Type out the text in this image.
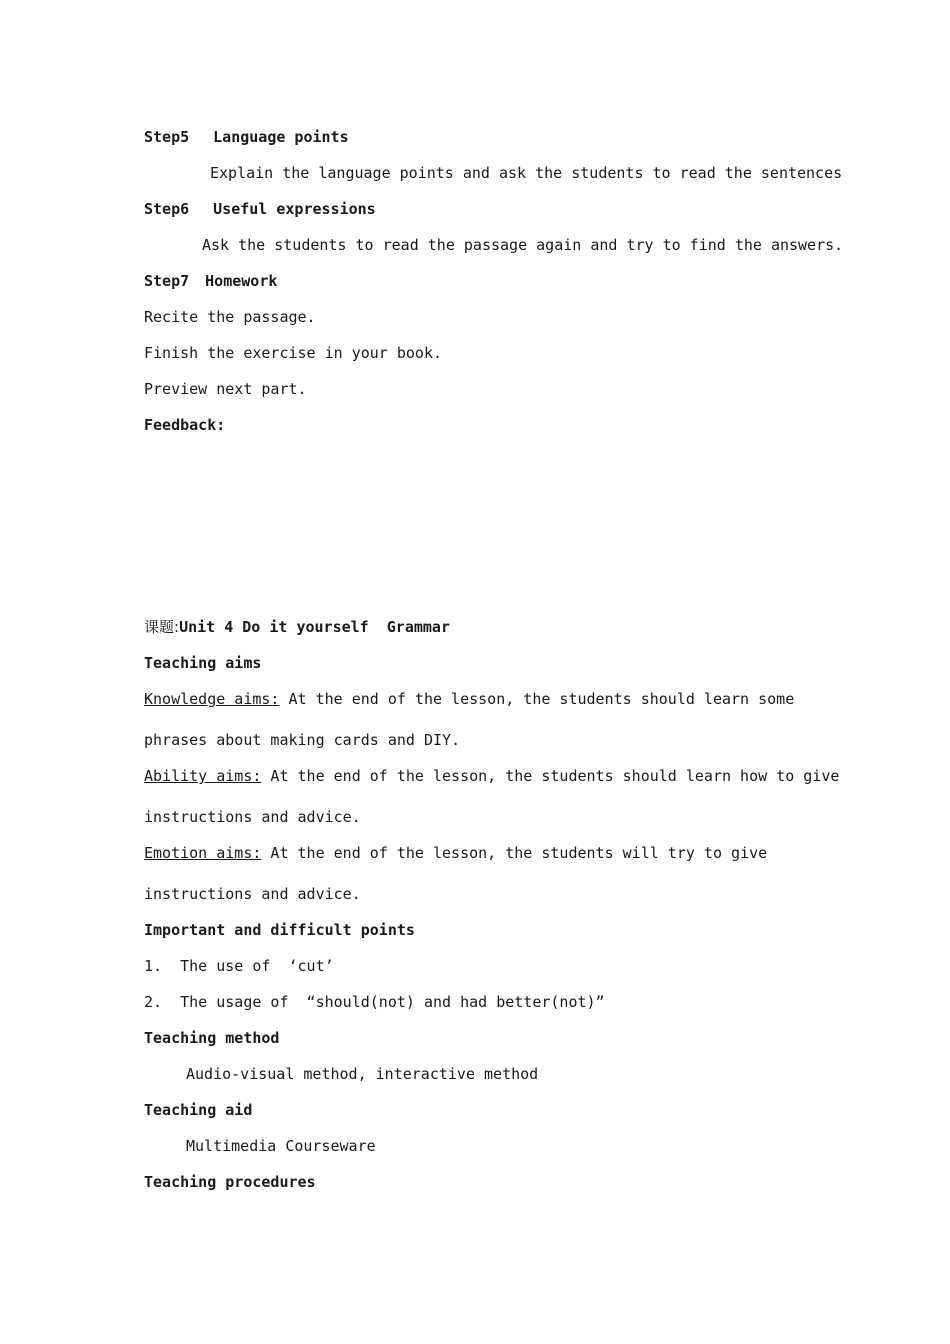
Step5 Language points
Explain the language points and ask the students to read the sentences
Step6 Useful expressions
Ask the students to read the passage again and try to find the answers.
Step7 Homework
Recite the passage.
Finish the exercise in your book.
Preview next part.
Feedback:
课题:Unit 4 Do it yourself  Grammar
Teaching aims
Knowledge aims: At the end of the lesson, the students should learn some
phrases about making cards and DIY.
Ability aims: At the end of the lesson, the students should learn how to give
instructions and advice.
Emotion aims: At the end of the lesson, the students will try to give
instructions and advice.
Important and difficult points
1.  The use of  ‘cut’
2.  The usage of  “should(not) and had better(not)”
Teaching method
Audio-visual method, interactive method
Teaching aid
Multimedia Courseware
Teaching procedures
